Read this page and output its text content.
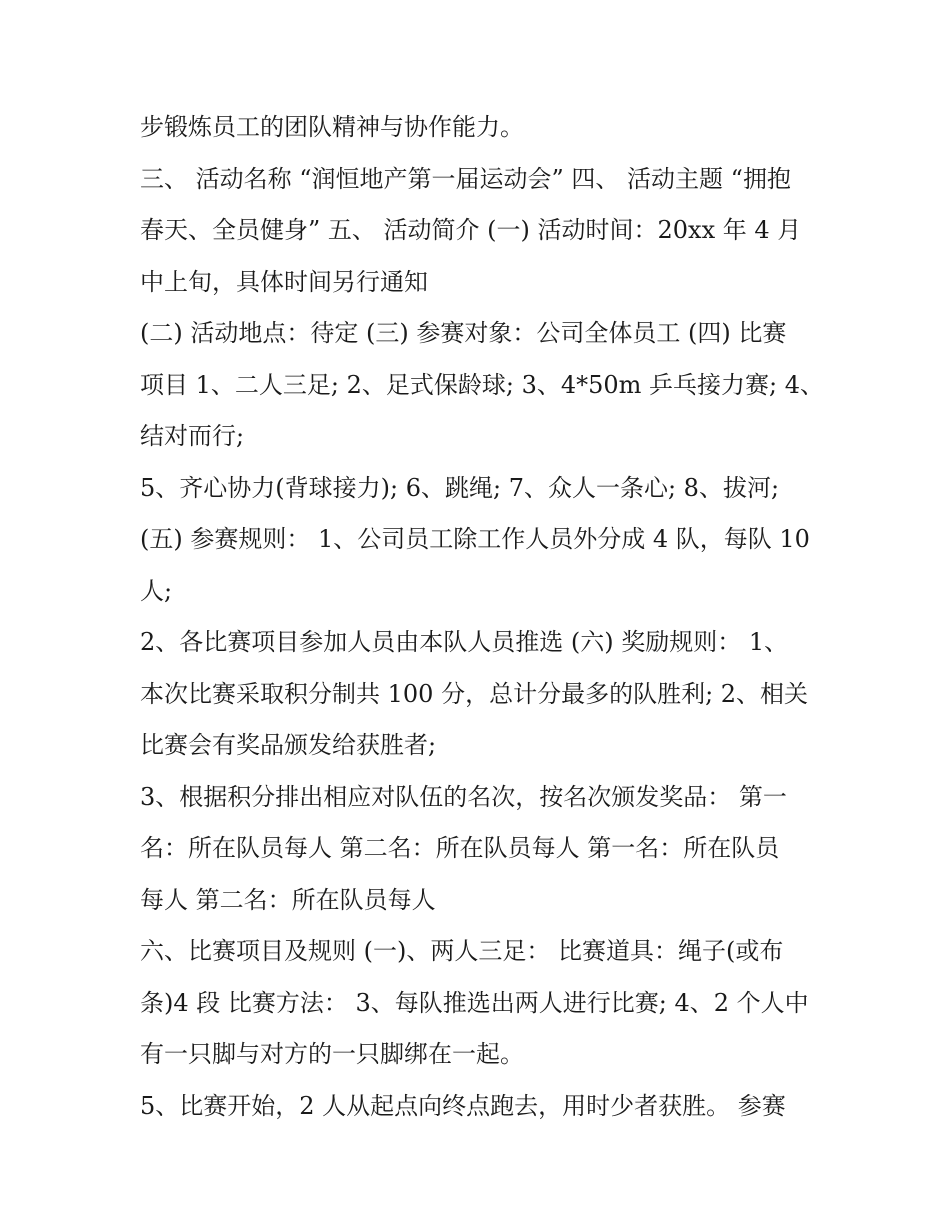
步锻炼员工的团队精神与协作能力。

三、 活动名称 “润恒地产第一届运动会” 四、 活动主题 “拥抱
春天、全员健身” 五、 活动简介 (一) 活动时间：20xx 年 4 月
中上旬，具体时间另行通知

(二) 活动地点：待定 (三) 参赛对象：公司全体员工 (四) 比赛
项目 1、二人三足; 2、足式保龄球; 3、4*50m 乒乓接力赛; 4、
结对而行;

5、齐心协力(背球接力); 6、跳绳; 7、众人一条心; 8、拔河;

(五) 参赛规则： 1、公司员工除工作人员外分成 4 队，每队 10
人;

2、各比赛项目参加人员由本队人员推选 (六) 奖励规则： 1、
本次比赛采取积分制共 100 分，总计分最多的队胜利; 2、相关
比赛会有奖品颁发给获胜者;

3、根据积分排出相应对队伍的名次，按名次颁发奖品： 第一
名：所在队员每人 第二名：所在队员每人 第一名：所在队员
每人 第二名：所在队员每人

六、比赛项目及规则 (一)、两人三足： 比赛道具：绳子(或布
条)4 段 比赛方法： 3、每队推选出两人进行比赛; 4、2 个人中
有一只脚与对方的一只脚绑在一起。

5、比赛开始，2 人从起点向终点跑去，用时少者获胜。 参赛
